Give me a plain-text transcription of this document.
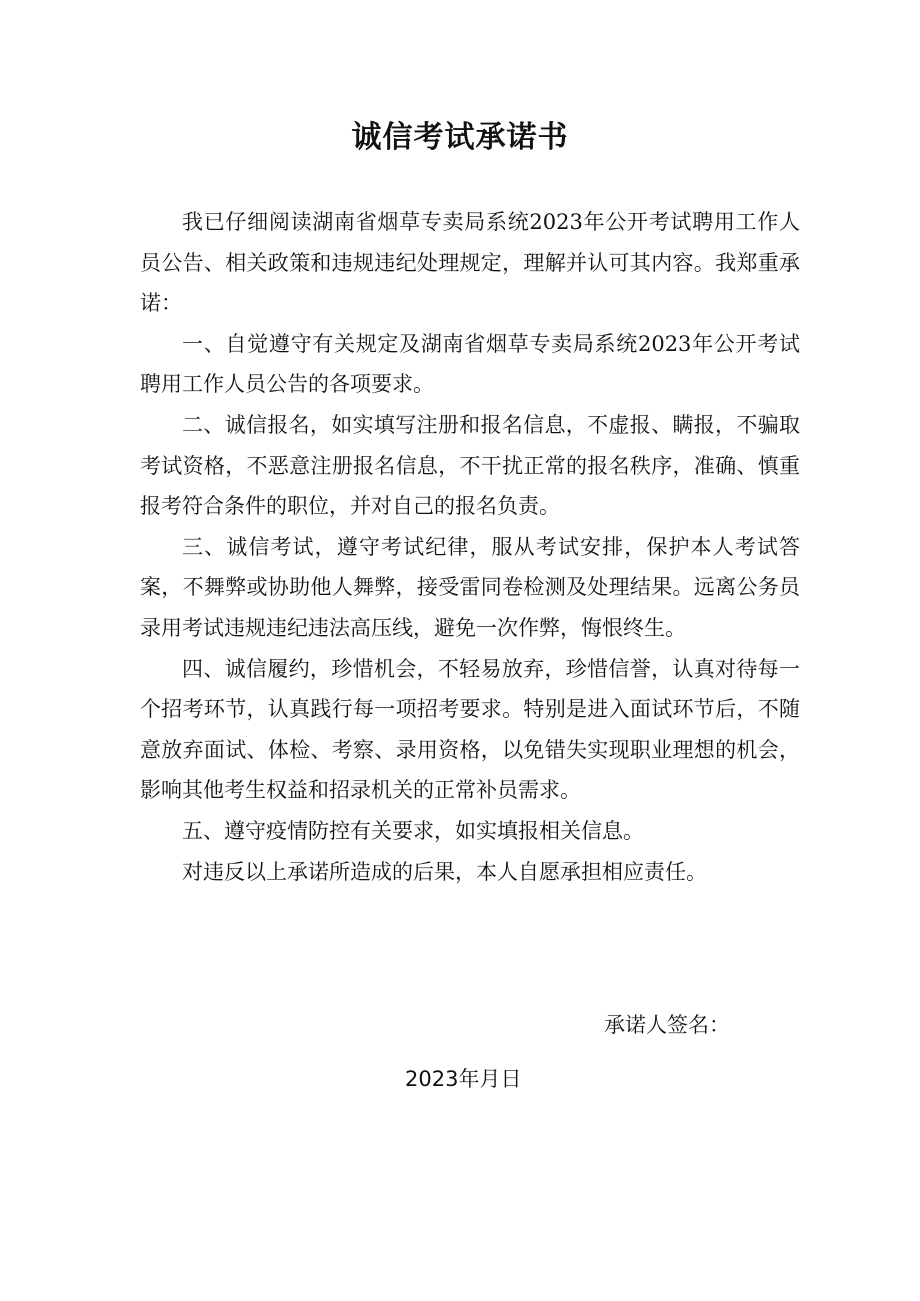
诚信考试承诺书

我已仔细阅读湖南省烟草专卖局系统2023年公开考试聘用工作人员公告、相关政策和违规违纪处理规定，理解并认可其内容。我郑重承诺：

一、自觉遵守有关规定及湖南省烟草专卖局系统2023年公开考试聘用工作人员公告的各项要求。

二、诚信报名，如实填写注册和报名信息，不虚报、瞒报，不骗取考试资格，不恶意注册报名信息，不干扰正常的报名秩序，准确、慎重报考符合条件的职位，并对自己的报名负责。

三、诚信考试，遵守考试纪律，服从考试安排，保护本人考试答案，不舞弊或协助他人舞弊，接受雷同卷检测及处理结果。远离公务员录用考试违规违纪违法高压线，避免一次作弊，悔恨终生。

四、诚信履约，珍惜机会，不轻易放弃，珍惜信誉，认真对待每一个招考环节，认真践行每一项招考要求。特别是进入面试环节后，不随意放弃面试、体检、考察、录用资格，以免错失实现职业理想的机会，影响其他考生权益和招录机关的正常补员需求。

五、遵守疫情防控有关要求，如实填报相关信息。

对违反以上承诺所造成的后果，本人自愿承担相应责任。

承诺人签名：
2023年月日
